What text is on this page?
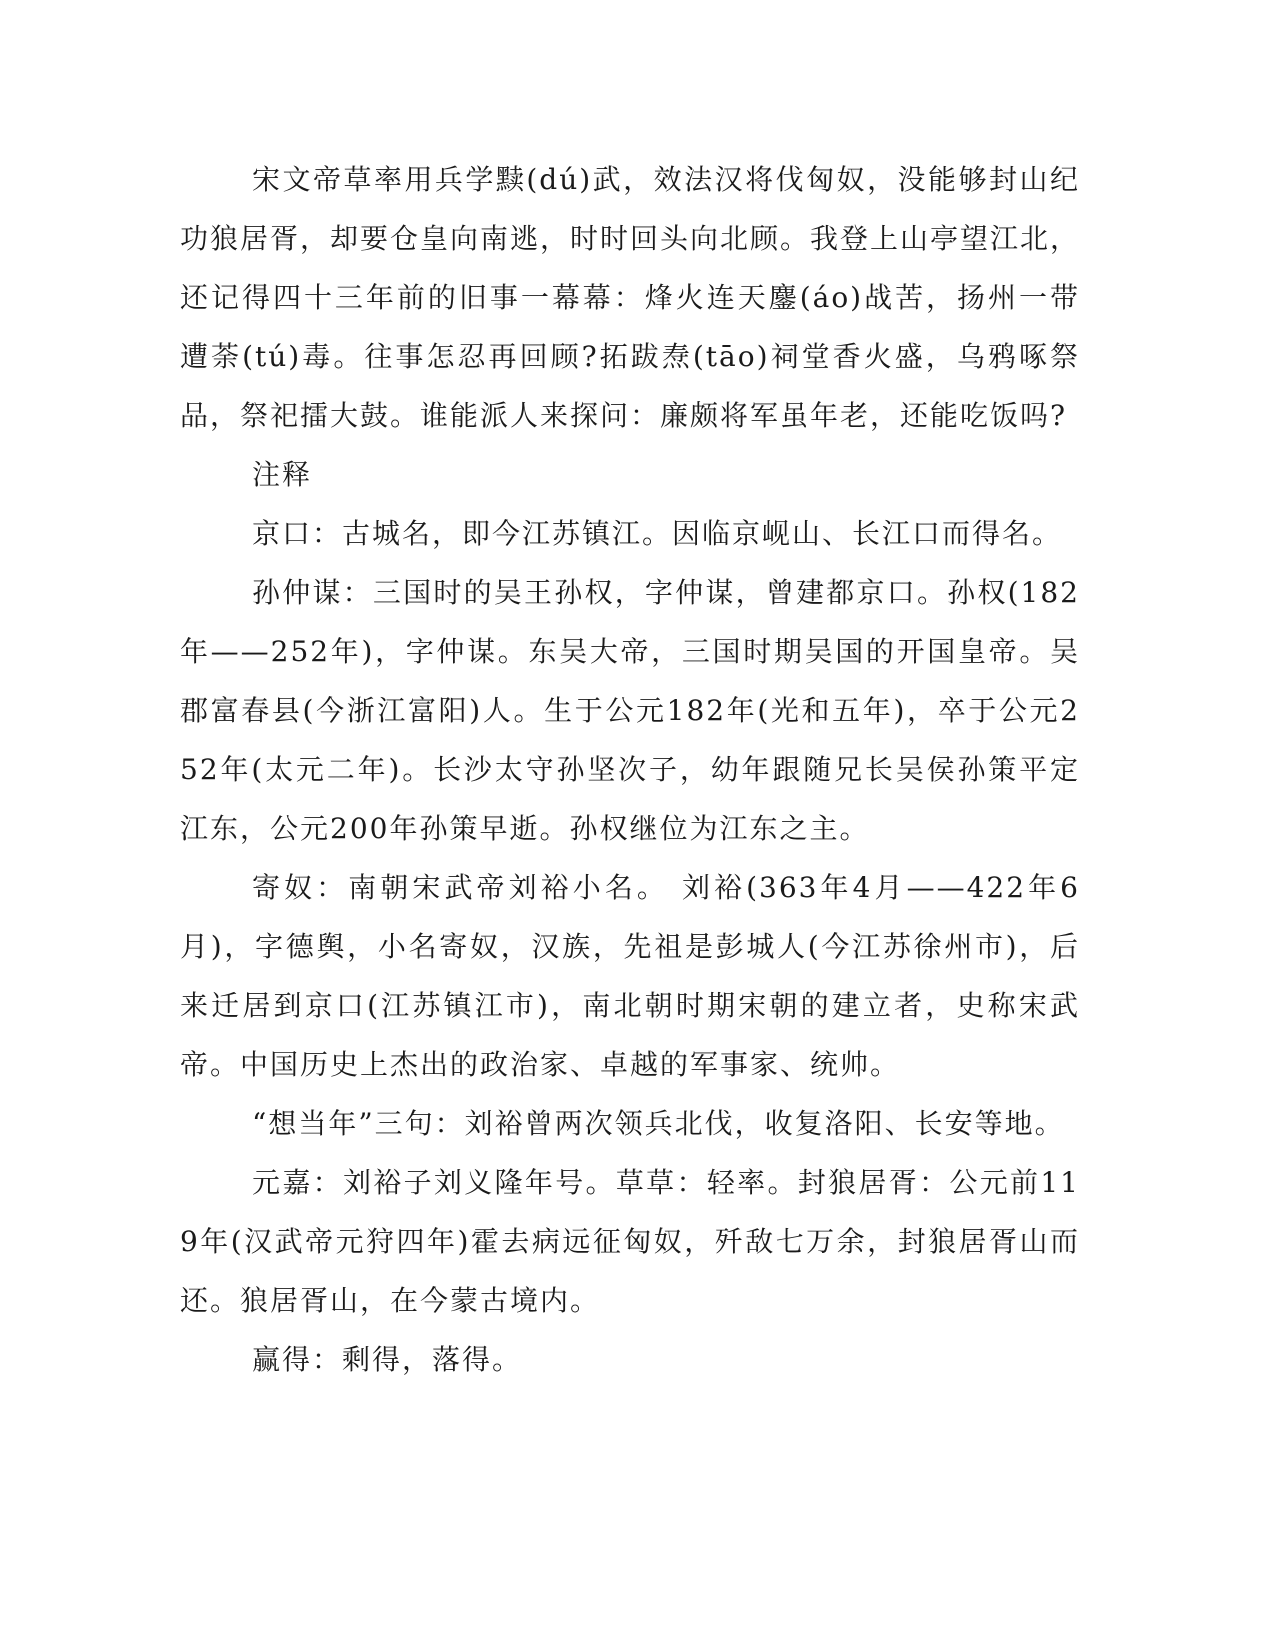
宋文帝草率用兵学黩(dú)武，效法汉将伐匈奴，没能够封山纪功狼居胥，却要仓皇向南逃，时时回头向北顾。我登上山亭望江北，还记得四十三年前的旧事一幕幕：烽火连天鏖(áo)战苦，扬州一带遭荼(tú)毒。往事怎忍再回顾?拓跋焘(tāo)祠堂香火盛，乌鸦啄祭品，祭祀擂大鼓。谁能派人来探问：廉颇将军虽年老，还能吃饭吗?

注释

京口：古城名，即今江苏镇江。因临京岘山、长江口而得名。

孙仲谋：三国时的吴王孙权，字仲谋，曾建都京口。孙权(182年——252年)，字仲谋。东吴大帝，三国时期吴国的开国皇帝。吴郡富春县(今浙江富阳)人。生于公元182年(光和五年)，卒于公元252年(太元二年)。长沙太守孙坚次子，幼年跟随兄长吴侯孙策平定江东，公元200年孙策早逝。孙权继位为江东之主。

寄奴：南朝宋武帝刘裕小名。 刘裕(363年4月——422年6月)，字德舆，小名寄奴，汉族，先祖是彭城人(今江苏徐州市)，后来迁居到京口(江苏镇江市)，南北朝时期宋朝的建立者，史称宋武帝。中国历史上杰出的政治家、卓越的军事家、统帅。

“想当年”三句：刘裕曾两次领兵北伐，收复洛阳、长安等地。

元嘉：刘裕子刘义隆年号。草草：轻率。封狼居胥：公元前119年(汉武帝元狩四年)霍去病远征匈奴，歼敌七万余，封狼居胥山而还。狼居胥山，在今蒙古境内。

赢得：剩得，落得。
